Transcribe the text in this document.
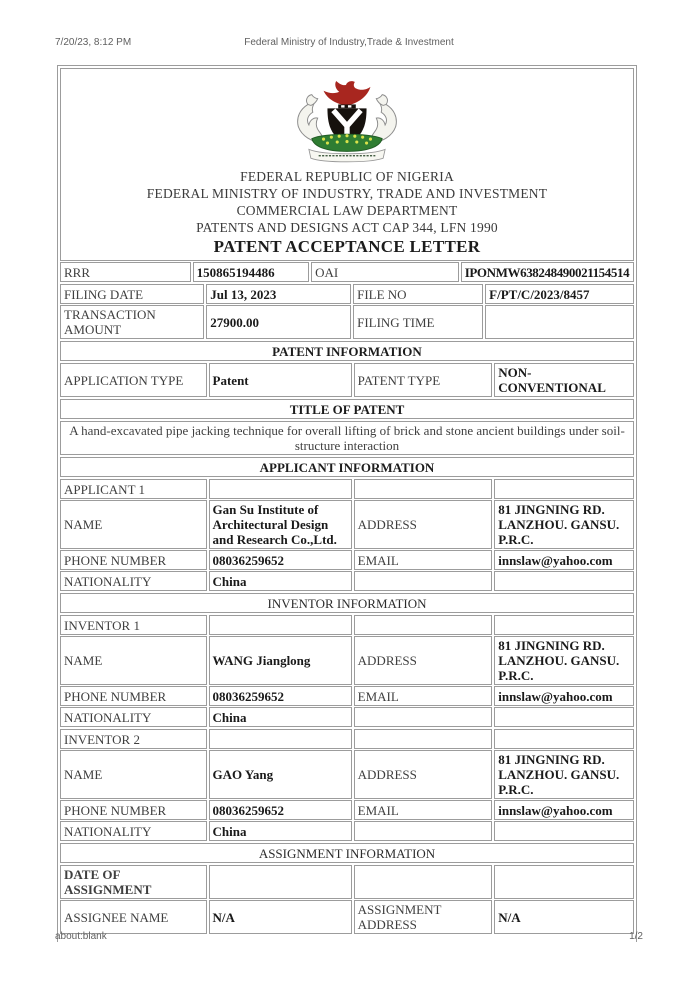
7/20/23, 8:12 PM	Federal Ministry of Industry,Trade & Investment
FEDERAL REPUBLIC OF NIGERIA
FEDERAL MINISTRY OF INDUSTRY, TRADE AND INVESTMENT
COMMERCIAL LAW DEPARTMENT
PATENTS AND DESIGNS ACT CAP 344, LFN 1990
PATENT ACCEPTANCE LETTER
RRR	150865194486	OAI	IPONMW638248490021154514
FILING DATE	Jul 13, 2023	FILE NO	F/PT/C/2023/8457
TRANSACTION AMOUNT	27900.00	FILING TIME	
PATENT INFORMATION
APPLICATION TYPE	Patent	PATENT TYPE	NON-
CONVENTIONAL
TITLE OF PATENT
A hand-excavated pipe jacking technique for overall lifting of brick and stone ancient buildings under soil-
structure interaction
APPLICANT INFORMATION
APPLICANT 1			
NAME	Gan Su Institute of
Architectural Design
and Research Co.,Ltd.	ADDRESS	81 JINGNING RD.
LANZHOU. GANSU.
P.R.C.

PHONE NUMBER	08036259652	EMAIL	innslaw@yahoo.com
NATIONALITY	China		
INVENTOR INFORMATION
INVENTOR 1			
NAME	WANG Jianglong	ADDRESS	81 JINGNING RD.
LANZHOU. GANSU.
P.R.C.

PHONE NUMBER	08036259652	EMAIL	innslaw@yahoo.com
NATIONALITY	China		
INVENTOR 2			
NAME	GAO Yang	ADDRESS	81 JINGNING RD.
LANZHOU. GANSU.
P.R.C.

PHONE NUMBER	08036259652	EMAIL	innslaw@yahoo.com
NATIONALITY	China		
ASSIGNMENT INFORMATION
DATE OF
ASSIGNMENT			

ASSIGNEE NAME	N/A	ASSIGNMENT
ADDRESS	N/A
about:blank	1/2
